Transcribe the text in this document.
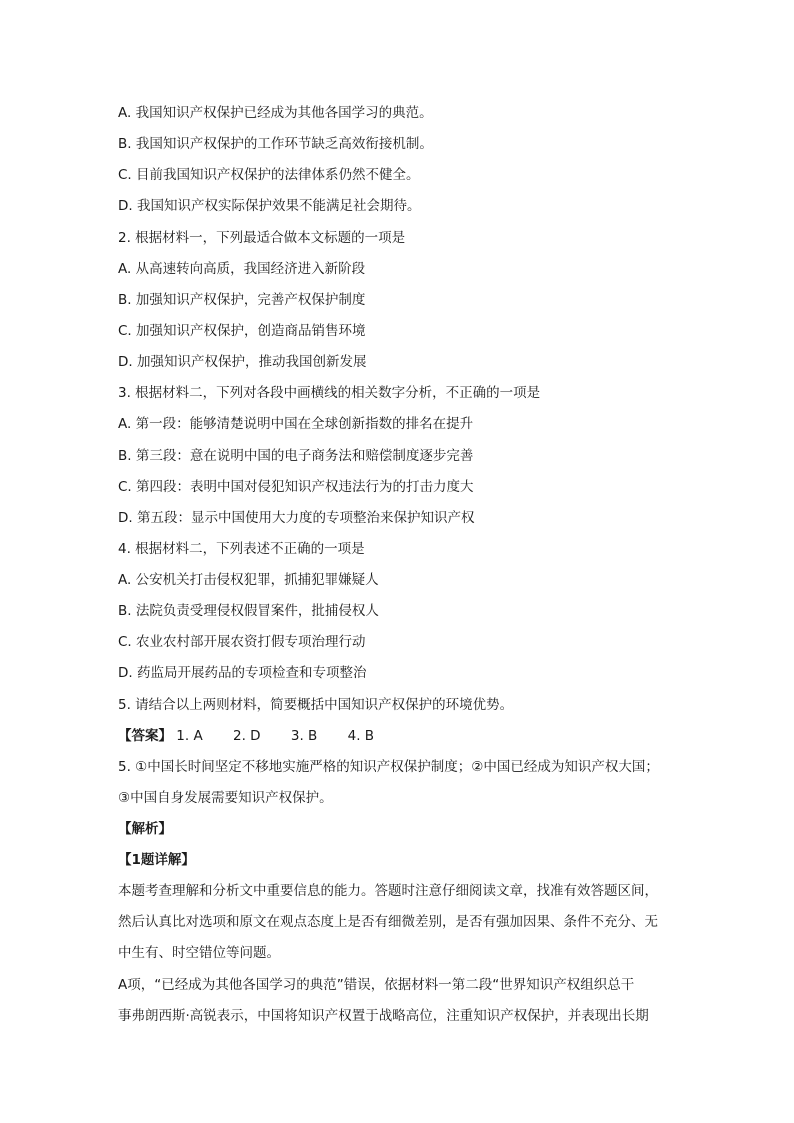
A. 我国知识产权保护已经成为其他各国学习的典范。
B. 我国知识产权保护的工作环节缺乏高效衔接机制。
C. 目前我国知识产权保护的法律体系仍然不健全。
D. 我国知识产权实际保护效果不能满足社会期待。
2. 根据材料一，下列最适合做本文标题的一项是
A. 从高速转向高质，我国经济进入新阶段
B. 加强知识产权保护，完善产权保护制度
C. 加强知识产权保护，创造商品销售环境
D. 加强知识产权保护，推动我国创新发展
3. 根据材料二，下列对各段中画横线的相关数字分析，不正确的一项是
A. 第一段：能够清楚说明中国在全球创新指数的排名在提升
B. 第三段：意在说明中国的电子商务法和赔偿制度逐步完善
C. 第四段：表明中国对侵犯知识产权违法行为的打击力度大
D. 第五段：显示中国使用大力度的专项整治来保护知识产权
4. 根据材料二，下列表述不正确的一项是
A. 公安机关打击侵权犯罪，抓捕犯罪嫌疑人
B. 法院负责受理侵权假冒案件，批捕侵权人
C. 农业农村部开展农资打假专项治理行动
D. 药监局开展药品的专项检查和专项整治
5. 请结合以上两则材料，简要概括中国知识产权保护的环境优势。
【答案】 1. A 2. D 3. B 4. B
5. ①中国长时间坚定不移地实施严格的知识产权保护制度；②中国已经成为知识产权大国；
③中国自身发展需要知识产权保护。
【解析】
【1题详解】
本题考查理解和分析文中重要信息的能力。答题时注意仔细阅读文章，找准有效答题区间，
然后认真比对选项和原文在观点态度上是否有细微差别，是否有强加因果、条件不充分、无
中生有、时空错位等问题。
A项，“已经成为其他各国学习的典范”错误，依据材料一第二段“世界知识产权组织总干
事弗朗西斯·高锐表示，中国将知识产权置于战略高位，注重知识产权保护，并表现出长期
